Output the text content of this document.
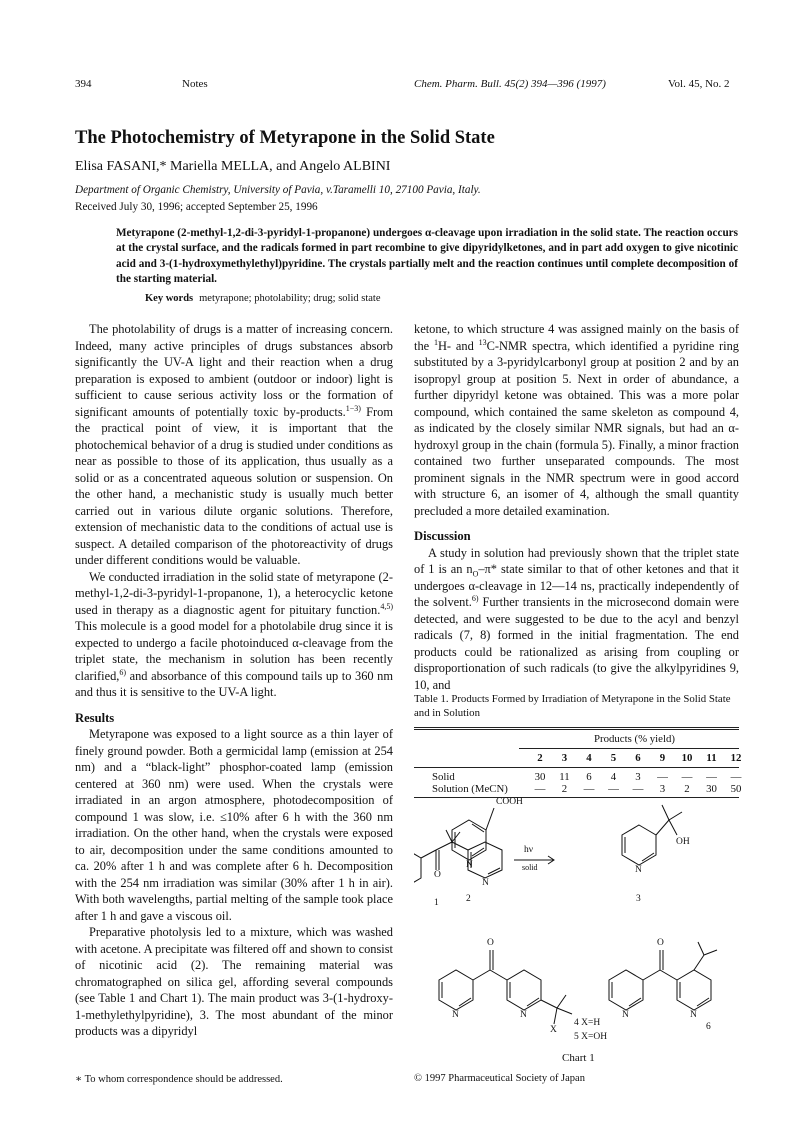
394	Notes	Chem. Pharm. Bull. 45(2) 394—396 (1997)	Vol. 45, No. 2
The Photochemistry of Metyrapone in the Solid State
Elisa FASANI,* Mariella MELLA, and Angelo ALBINI
Department of Organic Chemistry, University of Pavia, v.Taramelli 10, 27100 Pavia, Italy.
Received July 30, 1996; accepted September 25, 1996
Metyrapone (2-methyl-1,2-di-3-pyridyl-1-propanone) undergoes α-cleavage upon irradiation in the solid state. The reaction occurs at the crystal surface, and the radicals formed in part recombine to give dipyridylketones, and in part add oxygen to give nicotinic acid and 3-(1-hydroxymethylethyl)pyridine. The crystals partially melt and the reaction continues until complete decomposition of the starting material.
Key words metyrapone; photolability; drug; solid state

The photolability of drugs is a matter of increasing concern. Indeed, many active principles of drugs substances absorb significantly the UV-A light and their reaction when a drug preparation is exposed to ambient (outdoor or indoor) light is sufficient to cause serious activity loss or the formation of significant amounts of potentially toxic by-products.$^{1-3)}$ From the practical point of view, it is important that the photochemical behavior of a drug is studied under conditions as near as possible to those of its application, thus usually as a solid or as a concentrated aqueous solution or suspension. On the other hand, a mechanistic study is usually much better carried out in various dilute organic solutions. Therefore, extension of mechanistic data to the conditions of actual use is suspect. A detailed comparison of the photoreactivity of drugs under different conditions would be valuable.

We conducted irradiation in the solid state of metyrapone (2-methyl-1,2-di-3-pyridyl-1-propanone, 1), a heterocyclic ketone used in therapy as a diagnostic agent for pituitary function.$^{4,5)}$ This molecule is a good model for a photolabile drug since it is expected to undergo a facile photoinduced α-cleavage from the triplet state, the mechanism in solution has been recently clarified,$^{6)}$ and absorbance of this compound tails up to 360 nm and thus it is sensitive to the UV-A light.

Results

Metyrapone was exposed to a light source as a thin layer of finely ground powder. Both a germicidal lamp (emission at 254 nm) and a “black-light” phosphor-coated lamp (emission centered at 360 nm) were used. When the crystals were irradiated in an argon atmosphere, photodecomposition of compound 1 was slow, i.e. ≤10% after 6 h with the 360 nm irradiation. On the other hand, when the crystals were exposed to air, decomposition under the same conditions amounted to ca. 20% after 1 h and was complete after 6 h. Decomposition with the 254 nm irradiation was similar (30% after 1 h in air). With both wavelengths, partial melting of the sample took place after 1 h and gave a viscous oil.

Preparative photolysis led to a mixture, which was washed with acetone. A precipitate was filtered off and shown to consist of nicotinic acid (2). The remaining material was chromatographed on silica gel, affording several compounds (see Table 1 and Chart 1). The main product was 3-(1-hydroxy-1-methylethylpyridine), 3. The most abundant of the minor products was a dipyridyl

ketone, to which structure 4 was assigned mainly on the basis of the $^1$H- and $^{13}$C-NMR spectra, which identified a pyridine ring substituted by a 3-pyridylcarbonyl group at position 2 and by an isopropyl group at position 5. Next in order of abundance, a further dipyridyl ketone was obtained. This was a more polar compound, which contained the same skeleton as compound 4, as indicated by the closely similar NMR signals, but had an α-hydroxyl group in the chain (formula 5). Finally, a minor fraction contained two further unseparated compounds. The most prominent signals in the NMR spectrum were in good accord with structure 6, an isomer of 4, although the small quantity precluded a more detailed examination.

Discussion

A study in solution had previously shown that the triplet state of 1 is an $n_O-\pi*$ state similar to that of other ketones and that it undergoes α-cleavage in 12—14 ns, practically independently of the solvent.$^{6)}$ Further transients in the microsecond domain were detected, and were suggested to be due to the acyl and benzyl radicals (7, 8) formed in the initial fragmentation. The end products could be rationalized as arising from coupling or disproportionation of such radicals (to give the alkylpyridines 9, 10, and

Table 1. Products Formed by Irradiation of Metyrapone in the Solid State and in Solution
Products (% yield)
2	3	4	5	6	9	10	11	12
Solid	30	11	6	4	3	—	—	—	—
Solution (MeCN)	—	2	—	—	—	3	2	30	50
COOH
N
OH
N
2	3
O
N
hν
solid
1
O
N	N
X
4 X=H
5 X=OH
O
N	N
6
Chart 1
∗ To whom correspondence should be addressed.	© 1997 Pharmaceutical Society of Japan
